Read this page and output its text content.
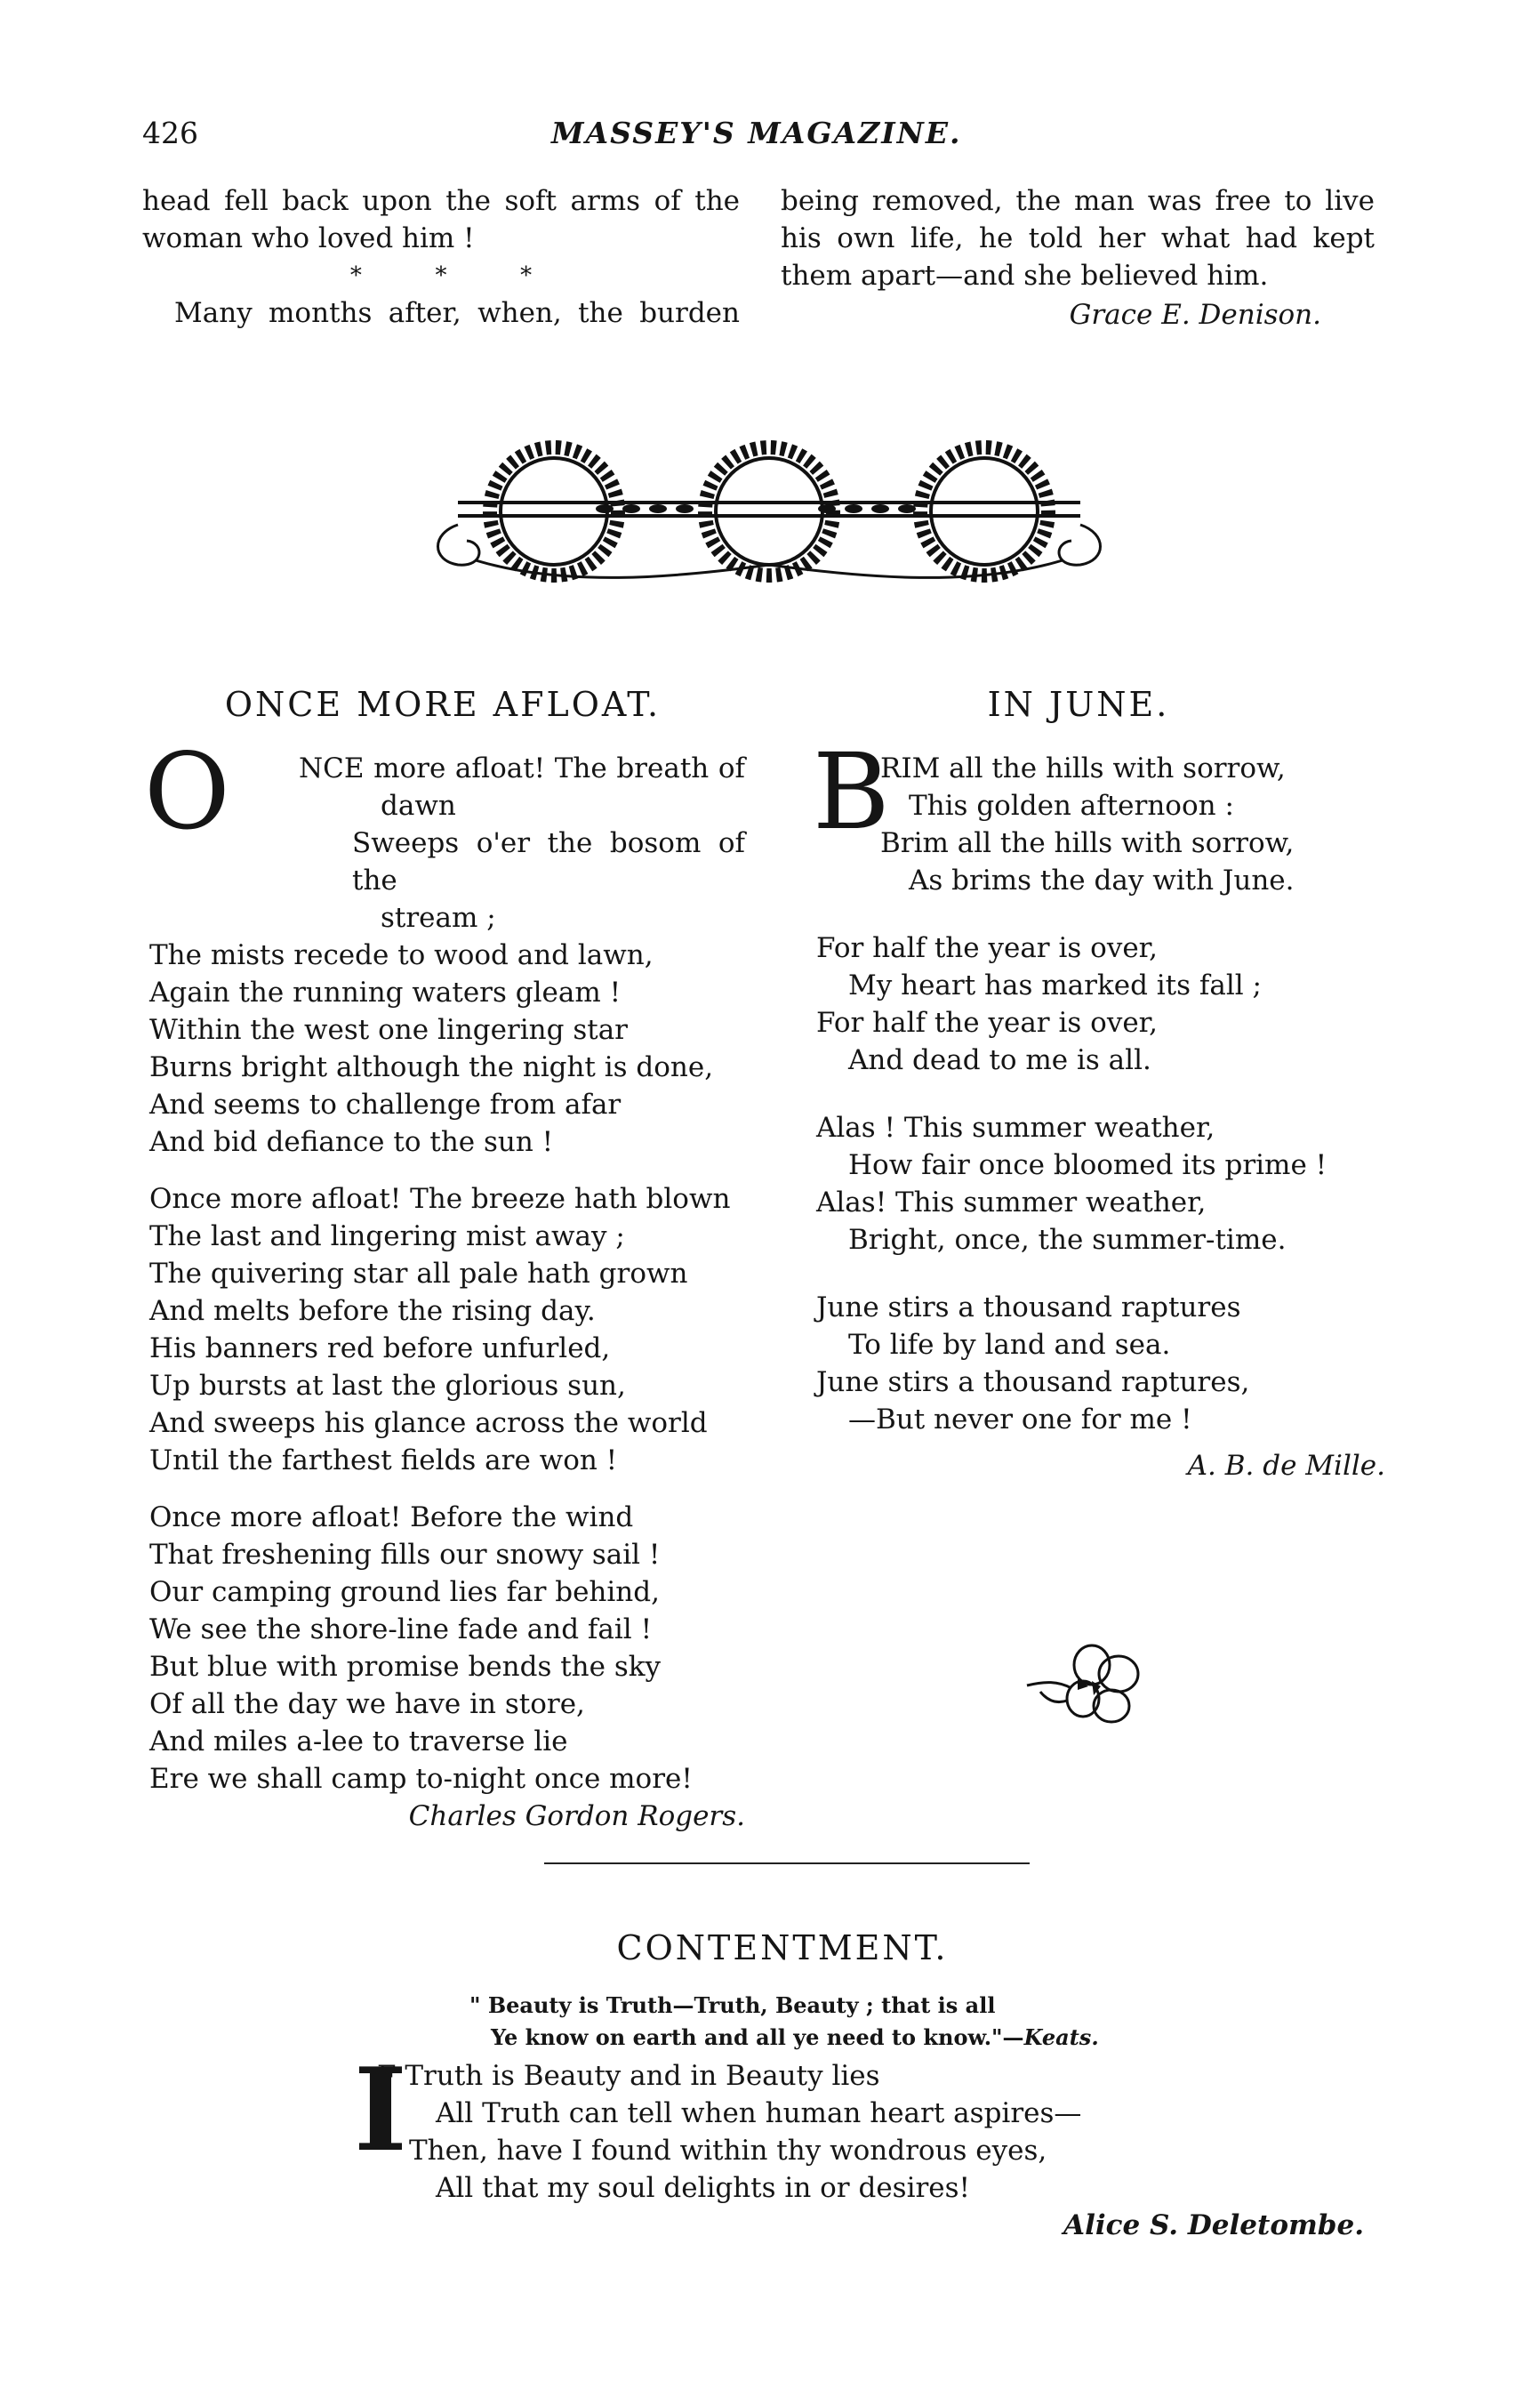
426	MASSEY'S MAGAZINE.

head fell back upon the soft arms of the

woman who loved him !

*          *          *

Many months after, when, the burden

being removed, the man was free to live

his own life, he told her what had kept

them apart—and she believed him.

Grace E. Denison.

ONCE MORE AFLOAT.
O	NCE more afloat! The breath of

dawn

Sweeps o'er the bosom of the

stream ;

The mists recede to wood and lawn,

Again the running waters gleam !

Within the west one lingering star

Burns bright although the night is done,

And seems to challenge from afar

And bid defiance to the sun !

Once more afloat! The breeze hath blown

The last and lingering mist away ;

The quivering star all pale hath grown

And melts before the rising day.

His banners red before unfurled,

Up bursts at last the glorious sun,

And sweeps his glance across the world

Until the farthest fields are won !

Once more afloat! Before the wind

That freshening fills our snowy sail !

Our camping ground lies far behind,

We see the shore-line fade and fail !

But blue with promise bends the sky

Of all the day we have in store,

And miles a-lee to traverse lie

Ere we shall camp to-night once more!

Charles Gordon Rogers.

IN JUNE.
B

RIM all the hills with sorrow,

This golden afternoon :

Brim all the hills with sorrow,

As brims the day with June.

For half the year is over,

My heart has marked its fall ;

For half the year is over,

And dead to me is all.

Alas ! This summer weather,

How fair once bloomed its prime !

Alas! This summer weather,

Bright, once, the summer-time.

June stirs a thousand raptures

To life by land and sea.

June stirs a thousand raptures,

—But never one for me !

A. B. de Mille.

CONTENTMENT.
" Beauty is Truth—Truth, Beauty ; that is all
Ye know on earth and all ye need to know."—Keats.
I

F Truth is Beauty and in Beauty lies

All Truth can tell when human heart aspires—

Then, have I found within thy wondrous eyes,

All that my soul delights in or desires!

Alice S. Deletombe.
